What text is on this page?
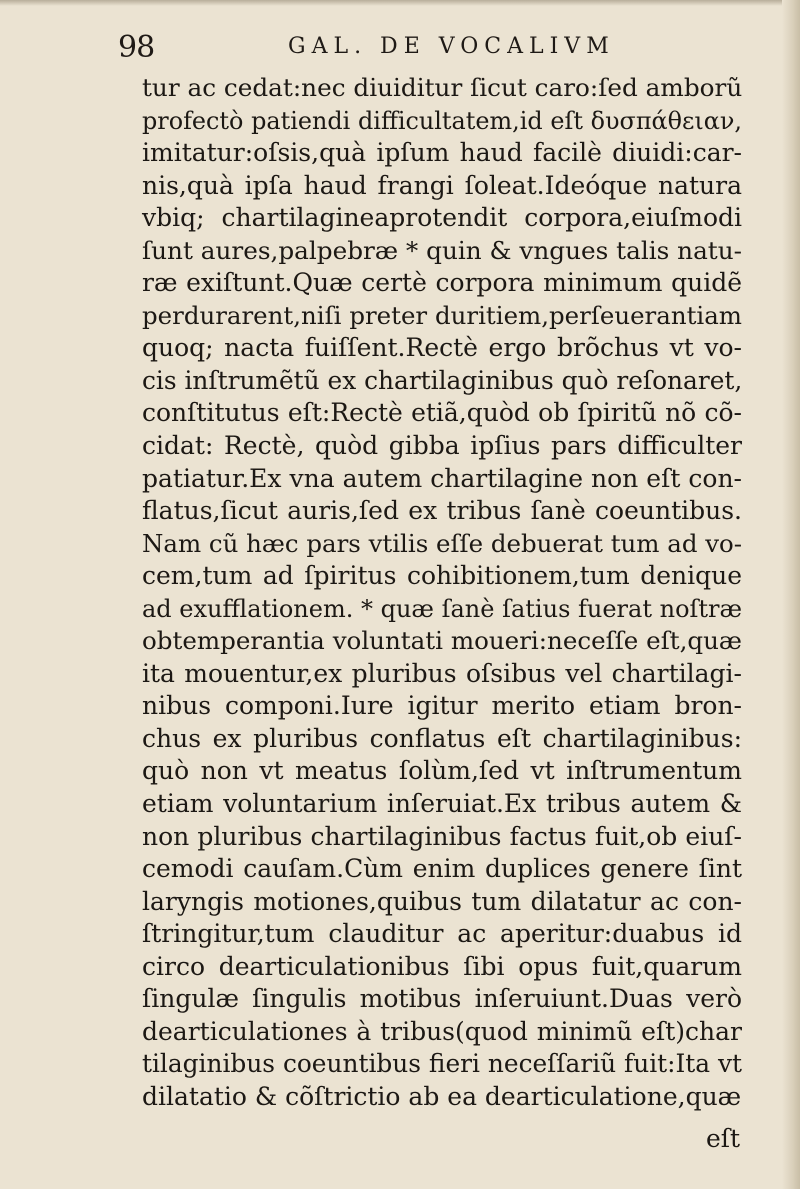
98	GAL. DE VOCALIVM
tur ac cedat:nec diuiditur ſicut caro:ſed amborũ
profectò patiendi difficultatem,id eſt δυσπάθειαν,
imitatur:oſsis,quà ipſum haud facilè diuidi:car-
nis,quà ipſa haud frangi ſoleat.Ideóque natura
vbiq; chartilagineaprotendit corpora,eiuſmodi
ſunt aures,palpebræ * quin & vngues talis natu-
ræ exiſtunt.Quæ certè corpora minimum quidẽ
perdurarent,niſi preter duritiem,perſeuerantiam
quoq; nacta fuiſſent.Rectè ergo brõchus vt vo-
cis inſtrumẽtũ ex chartilaginibus quò reſonaret,
conſtitutus eſt:Rectè etiã,quòd ob ſpiritũ nõ cõ-
cidat: Rectè, quòd gibba ipſius pars difficulter
patiatur.Ex vna autem chartilagine non eſt con-
flatus,ſicut auris,ſed ex tribus ſanè coeuntibus.
Nam cũ hæc pars vtilis eſſe debuerat tum ad vo-
cem,tum ad ſpiritus cohibitionem,tum denique
ad exufflationem. * quæ ſanè ſatius fuerat noſtræ
obtemperantia voluntati moueri:neceſſe eſt,quæ
ita mouentur,ex pluribus oſsibus vel chartilagi-
nibus componi.Iure igitur merito etiam bron-
chus ex pluribus conflatus eſt chartilaginibus:
quò non vt meatus ſolùm,ſed vt inſtrumentum
etiam voluntarium inſeruiat.Ex tribus autem &
non pluribus chartilaginibus factus fuit,ob eiuſ-
cemodi cauſam.Cùm enim duplices genere ſint
laryngis motiones,quibus tum dilatatur ac con-
ſtringitur,tum clauditur ac aperitur:duabus id
circo dearticulationibus ſibi opus fuit,quarum
ſingulæ ſingulis motibus inſeruiunt.Duas verò
dearticulationes à tribus(quod minimũ eſt)char
tilaginibus coeuntibus fieri neceſſariũ fuit:Ita vt
dilatatio & cõſtrictio ab ea dearticulatione,quæ
eſt
